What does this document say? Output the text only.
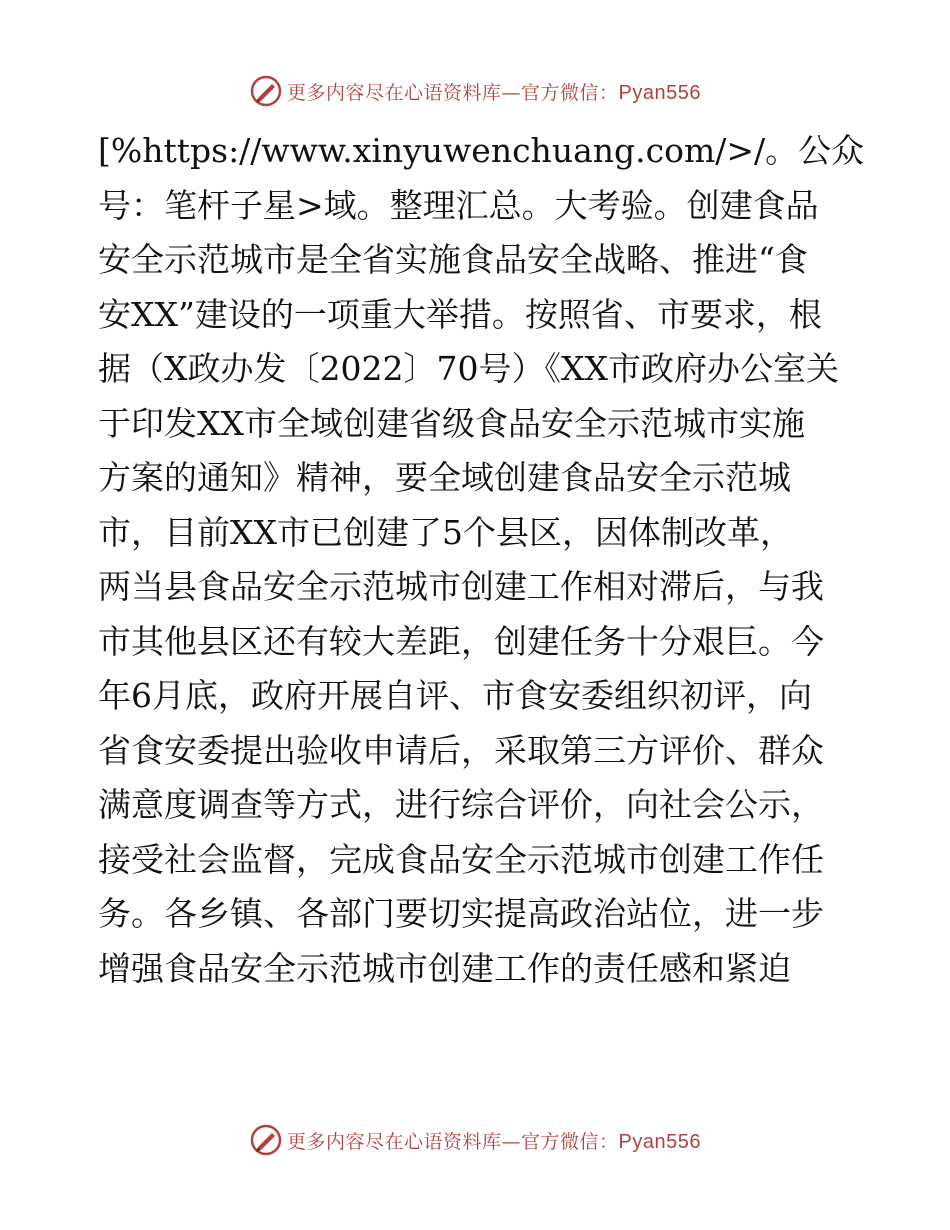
更多内容尽在心语资料库—官方微信：Pyan556
[%https://www.xinyuwenchuang.com/>/。公众
号：笔杆子星>域。整理汇总。大考验。创建食品
安全示范城市是全省实施食品安全战略、推进“食
安XX”建设的一项重大举措。按照省、市要求，根
据（X政办发〔2022〕70号）《XX市政府办公室关
于印发XX市全域创建省级食品安全示范城市实施
方案的通知》精神，要全域创建食品安全示范城
市，目前XX市已创建了5个县区，因体制改革，
两当县食品安全示范城市创建工作相对滞后，与我
市其他县区还有较大差距，创建任务十分艰巨。今
年6月底，政府开展自评、市食安委组织初评，向
省食安委提出验收申请后，采取第三方评价、群众
满意度调查等方式，进行综合评价，向社会公示，
接受社会监督，完成食品安全示范城市创建工作任
务。各乡镇、各部门要切实提高政治站位，进一步
增强食品安全示范城市创建工作的责任感和紧迫
更多内容尽在心语资料库—官方微信：Pyan556
